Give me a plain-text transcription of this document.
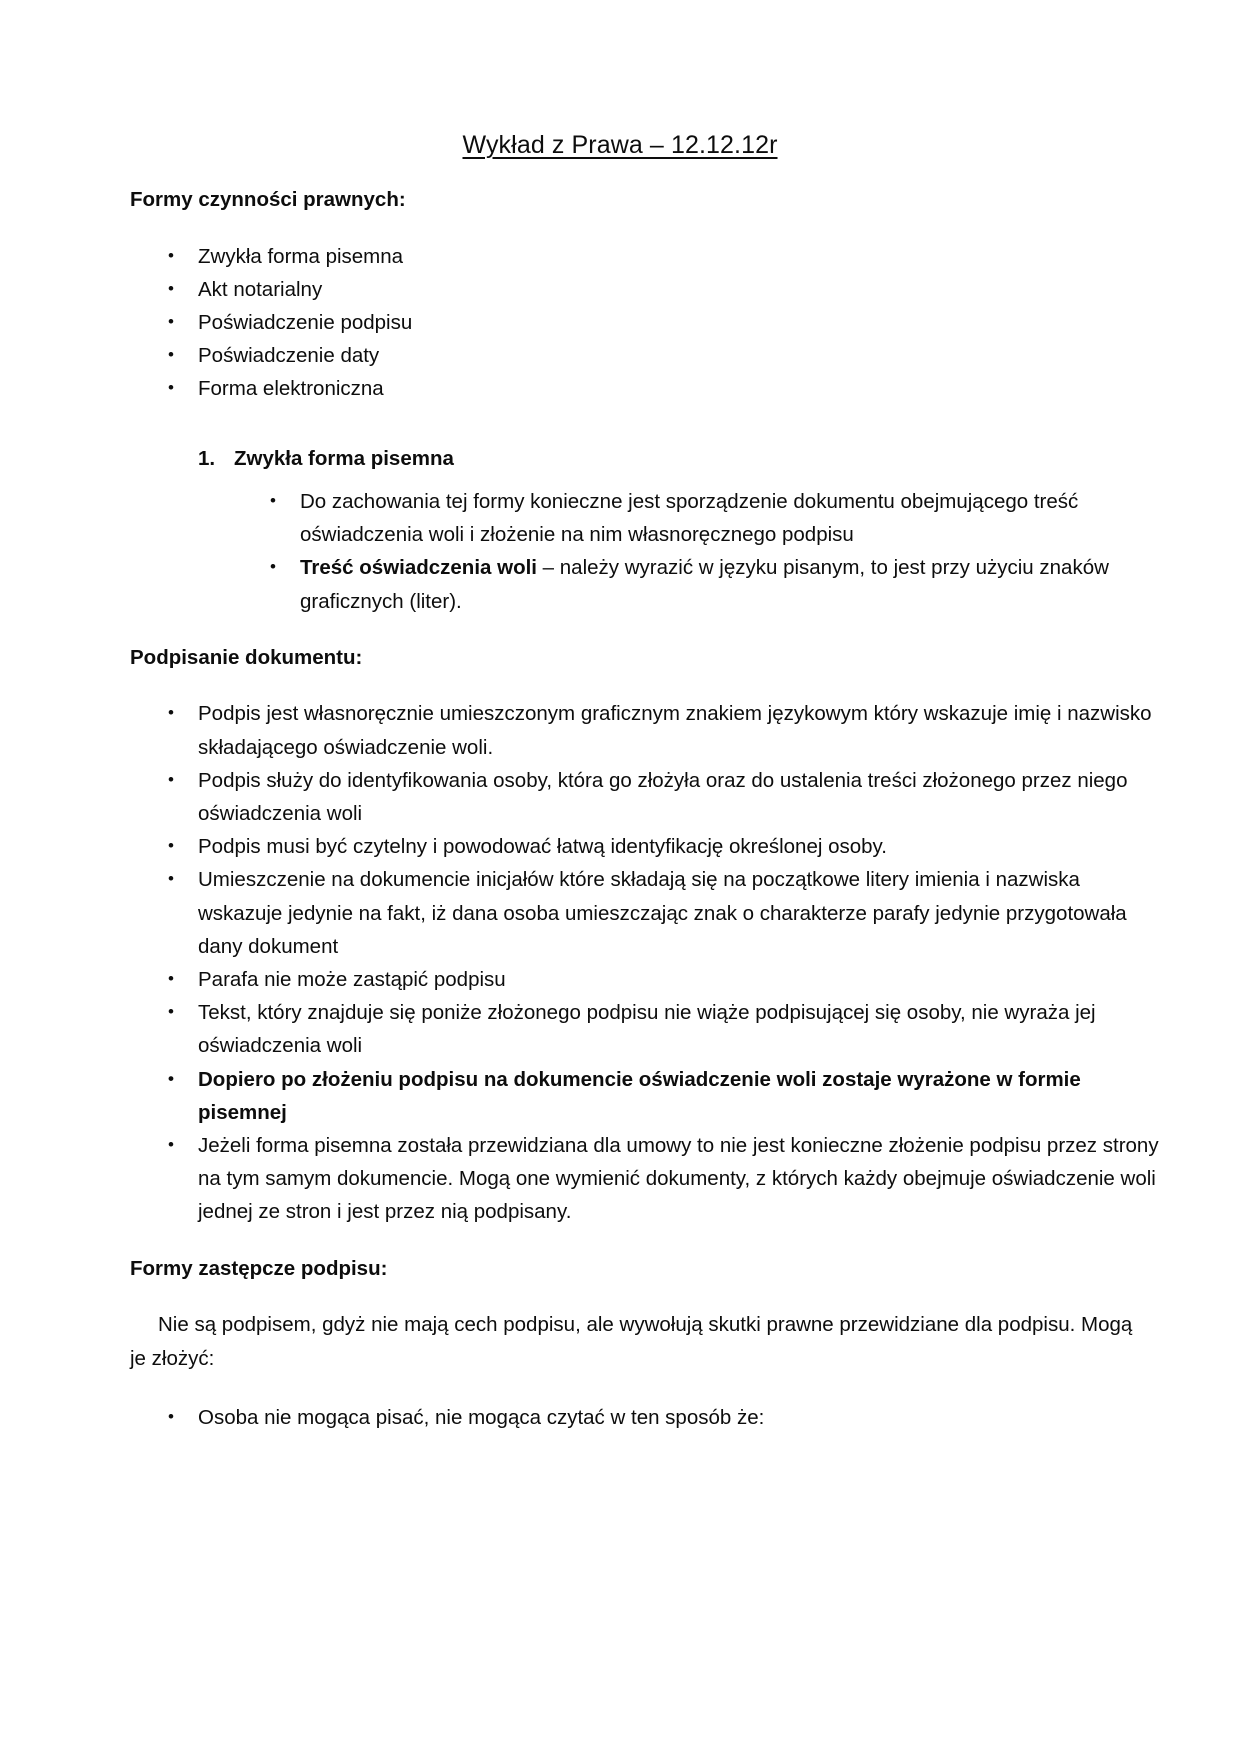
Wykład z Prawa – 12.12.12r
Formy czynności prawnych:
• Zwykła forma pisemna
• Akt notarialny
• Poświadczenie podpisu
• Poświadczenie daty
• Forma elektroniczna
1. Zwykła forma pisemna
• Do zachowania tej formy konieczne jest sporządzenie dokumentu obejmującego treść oświadczenia woli i złożenie na nim własnoręcznego podpisu
• Treść oświadczenia woli – należy wyrazić w języku pisanym, to jest przy użyciu znaków graficznych (liter).
Podpisanie dokumentu:
• Podpis jest własnoręcznie umieszczonym graficznym znakiem językowym który wskazuje imię i nazwisko składającego oświadczenie woli.
• Podpis służy do identyfikowania osoby, która go złożyła oraz do ustalenia treści złożonego przez niego oświadczenia woli
• Podpis musi być czytelny i powodować łatwą identyfikację określonej osoby.
• Umieszczenie na dokumencie inicjałów które składają się na początkowe litery imienia i nazwiska wskazuje jedynie na fakt, iż dana osoba umieszczając znak o charakterze parafy jedynie przygotowała dany dokument
• Parafa nie może zastąpić podpisu
• Tekst, który znajduje się poniże złożonego podpisu nie wiąże podpisującej się osoby, nie wyraża jej oświadczenia woli
• Dopiero po złożeniu podpisu na dokumencie oświadczenie woli zostaje wyrażone w formie pisemnej
• Jeżeli forma pisemna została przewidziana dla umowy to nie jest konieczne złożenie podpisu przez strony na tym samym dokumencie. Mogą one wymienić dokumenty, z których każdy obejmuje oświadczenie woli jednej ze stron i jest przez nią podpisany.
Formy zastępcze podpisu:

Nie są podpisem, gdyż nie mają cech podpisu, ale wywołują skutki prawne przewidziane dla podpisu. Mogą je złożyć:

• Osoba nie mogąca pisać, nie mogąca czytać w ten sposób że:
